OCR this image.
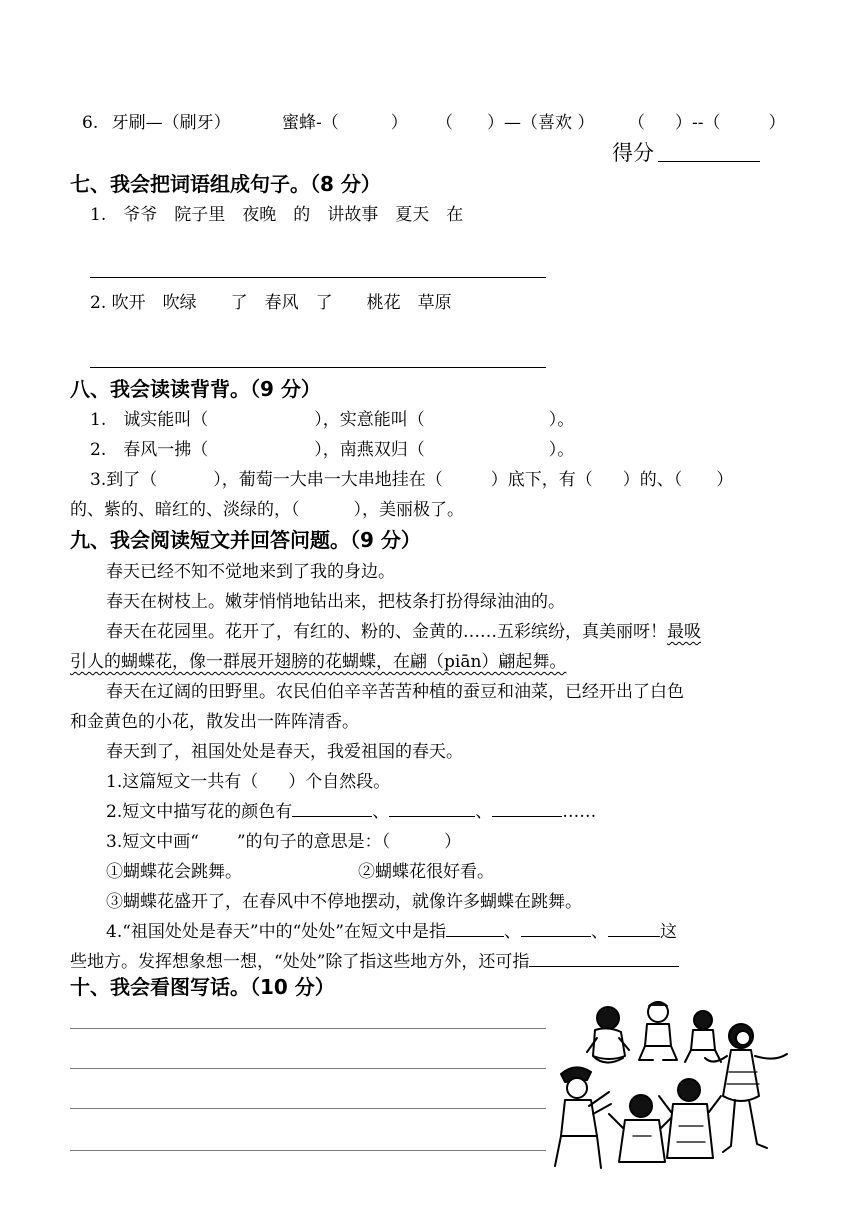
6. 牙刷—（刷牙）	蜜蜂-（	） （ ）—（喜欢 ） （ ）--（	）
得分
七、我会把词语组成句子。（8 分）
1.　爷爷　院子里　夜晚　的　讲故事　夏天　在
2. 吹开　吹绿　　了　春风　了　　桃花　草原
八、我会读读背背。（9 分）
1.　诚实能叫（	），实意能叫（	）。
2.　春风一拂（	），南燕双归（	）。
3.到了（	），葡萄一大串一大串地挂在（	）底下，有（ ）的、（ ）
的、紫的、暗红的、淡绿的，（	），美丽极了。
九、我会阅读短文并回答问题。（9 分）
春天已经不知不觉地来到了我的身边。
春天在树枝上。嫩芽悄悄地钻出来，把枝条打扮得绿油油的。
春天在花园里。花开了，有红的、粉的、金黄的……五彩缤纷，真美丽呀！最吸
引人的蝴蝶花，像一群展开翅膀的花蝴蝶，在翩（piān）翩起舞。
春天在辽阔的田野里。农民伯伯辛辛苦苦种植的蚕豆和油菜，已经开出了白色
和金黄色的小花，散发出一阵阵清香。
春天到了，祖国处处是春天，我爱祖国的春天。
1.这篇短文一共有（ ）个自然段。
2.短文中描写花的颜色有	、	、	……
3.短文中画“ ”的句子的意思是：（	）
①蝴蝶花会跳舞。	②蝴蝶花很好看。
③蝴蝶花盛开了，在春风中不停地摆动，就像许多蝴蝶在跳舞。
4.“祖国处处是春天”中的“处处”在短文中是指	、	、	这
些地方。发挥想象想一想，“处处”除了指这些地方外，还可指
十、我会看图写话。（10 分）
